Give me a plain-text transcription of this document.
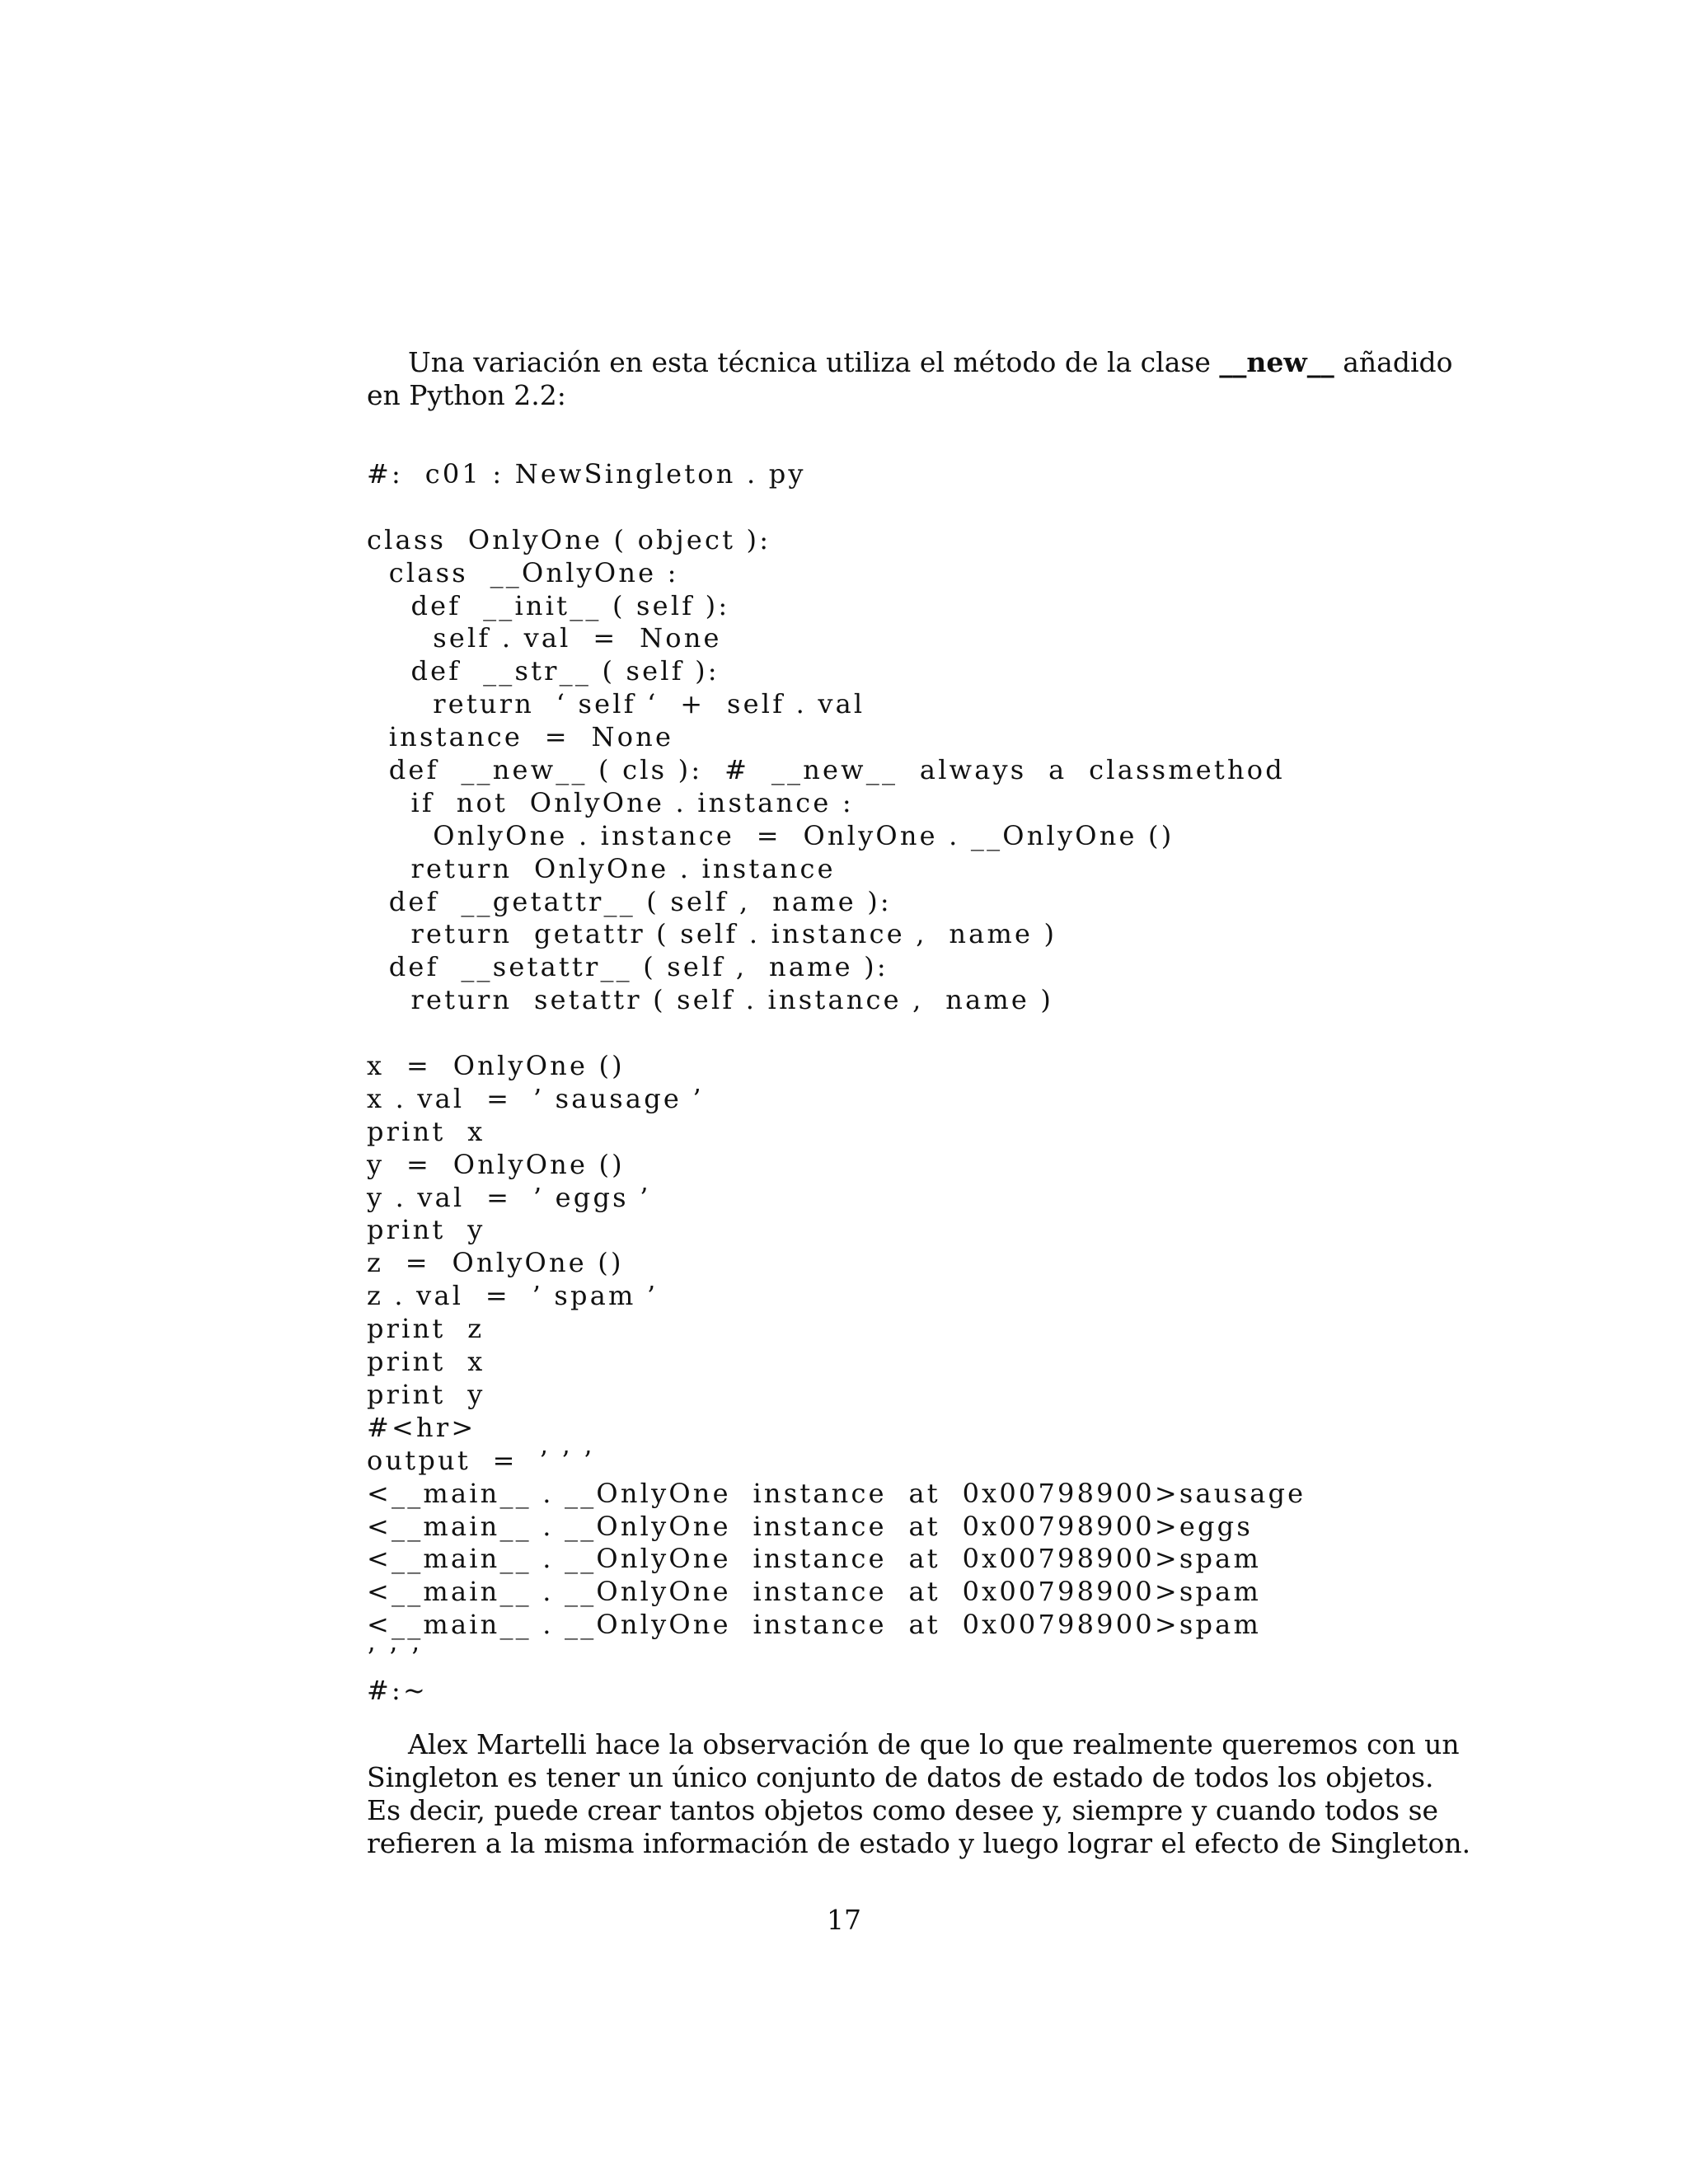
Una variación en esta técnica utiliza el método de la clase __new__ añadido
en Python 2.2:

#:  c01 : NewSingleton . py
class  OnlyOne ( object ):
class  __OnlyOne :
def  __init__ ( self ):
self . val  =  None
def  __str__ ( self ):
return  ‘ self ‘  +  self . val
instance  =  None
def  __new__ ( cls ):  #  __new__  always  a  classmethod
if  not  OnlyOne . instance :
OnlyOne . instance  =  OnlyOne . __OnlyOne ()
return  OnlyOne . instance
def  __getattr__ ( self ,  name ):
return  getattr ( self . instance ,  name )
def  __setattr__ ( self ,  name ):
return  setattr ( self . instance ,  name )
x  =  OnlyOne ()
x . val  =  ’ sausage ’
print  x
y  =  OnlyOne ()
y . val  =  ’ eggs ’
print  y
z  =  OnlyOne ()
z . val  =  ’ spam ’
print  z
print  x
print  y
#<hr>
output  =  ’ ’ ’
<__main__ . __OnlyOne  instance  at  0x00798900>sausage
<__main__ . __OnlyOne  instance  at  0x00798900>eggs
<__main__ . __OnlyOne  instance  at  0x00798900>spam
<__main__ . __OnlyOne  instance  at  0x00798900>spam
<__main__ . __OnlyOne  instance  at  0x00798900>spam
’ ’ ’
#:~

Alex Martelli hace la observación de que lo que realmente queremos con un
Singleton es tener un único conjunto de datos de estado de todos los objetos.
Es decir, puede crear tantos objetos como desee y, siempre y cuando todos se
refieren a la misma información de estado y luego lograr el efecto de Singleton.

17
